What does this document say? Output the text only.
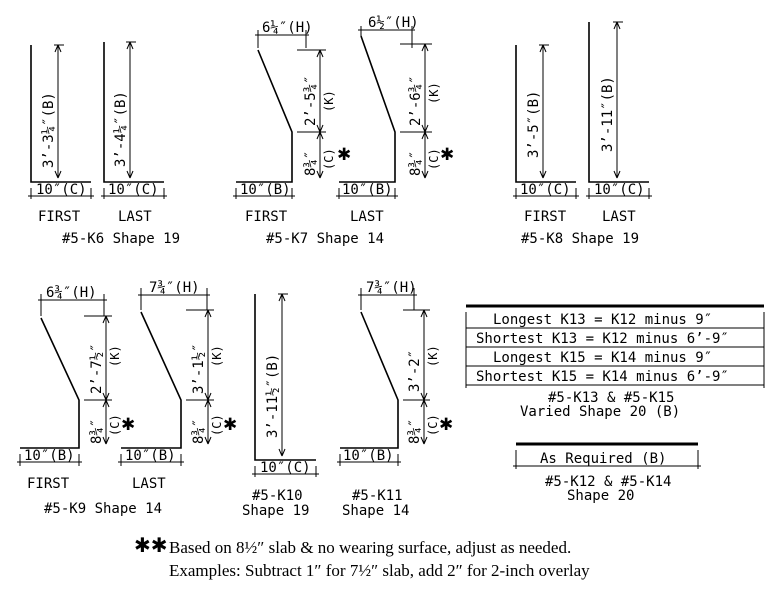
3’-3¼″(B)
10″(C)
FIRST
3’-4¼″(B)
10″(C)
LAST
#5-K6 Shape 19
6¼″(H)
2’-5¾″ (K)
8¾″ (C) ✱
10″(B)
FIRST
6½″(H)
2’-6¾″ (K)
8¾″ (C) ✱
10″(B)
LAST
#5-K7 Shape 14
3’-5″(B)
10″(C)
FIRST
3’-11″(B)
10″(C)
LAST
#5-K8 Shape 19
6¾″(H)
2’-7½″ (K)
8¾″ (C) ✱
10″(B)
FIRST
7¾″(H)
3’-1½″ (K)
8¾″ (C) ✱
10″(B)
LAST
#5-K9 Shape 14
3’-11½″(B)
10″(C)
#5-K10
Shape 19
7¾″(H)
3’-2″ (K)
8¾″ (C) ✱
10″(B)
#5-K11
Shape 14
Longest K13 = K12 minus 9″
Shortest K13 = K12 minus 6’-9″
Longest K15 = K14 minus 9″
Shortest K15 = K14 minus 6’-9″
#5-K13 & #5-K15
Varied Shape 20 (B)
As Required (B)
#5-K12 & #5-K14
Shape 20
✱✱ Based on 8½″ slab & no wearing surface, adjust as needed.
Examples: Subtract 1″ for 7½″ slab, add 2″ for 2-inch overlay
